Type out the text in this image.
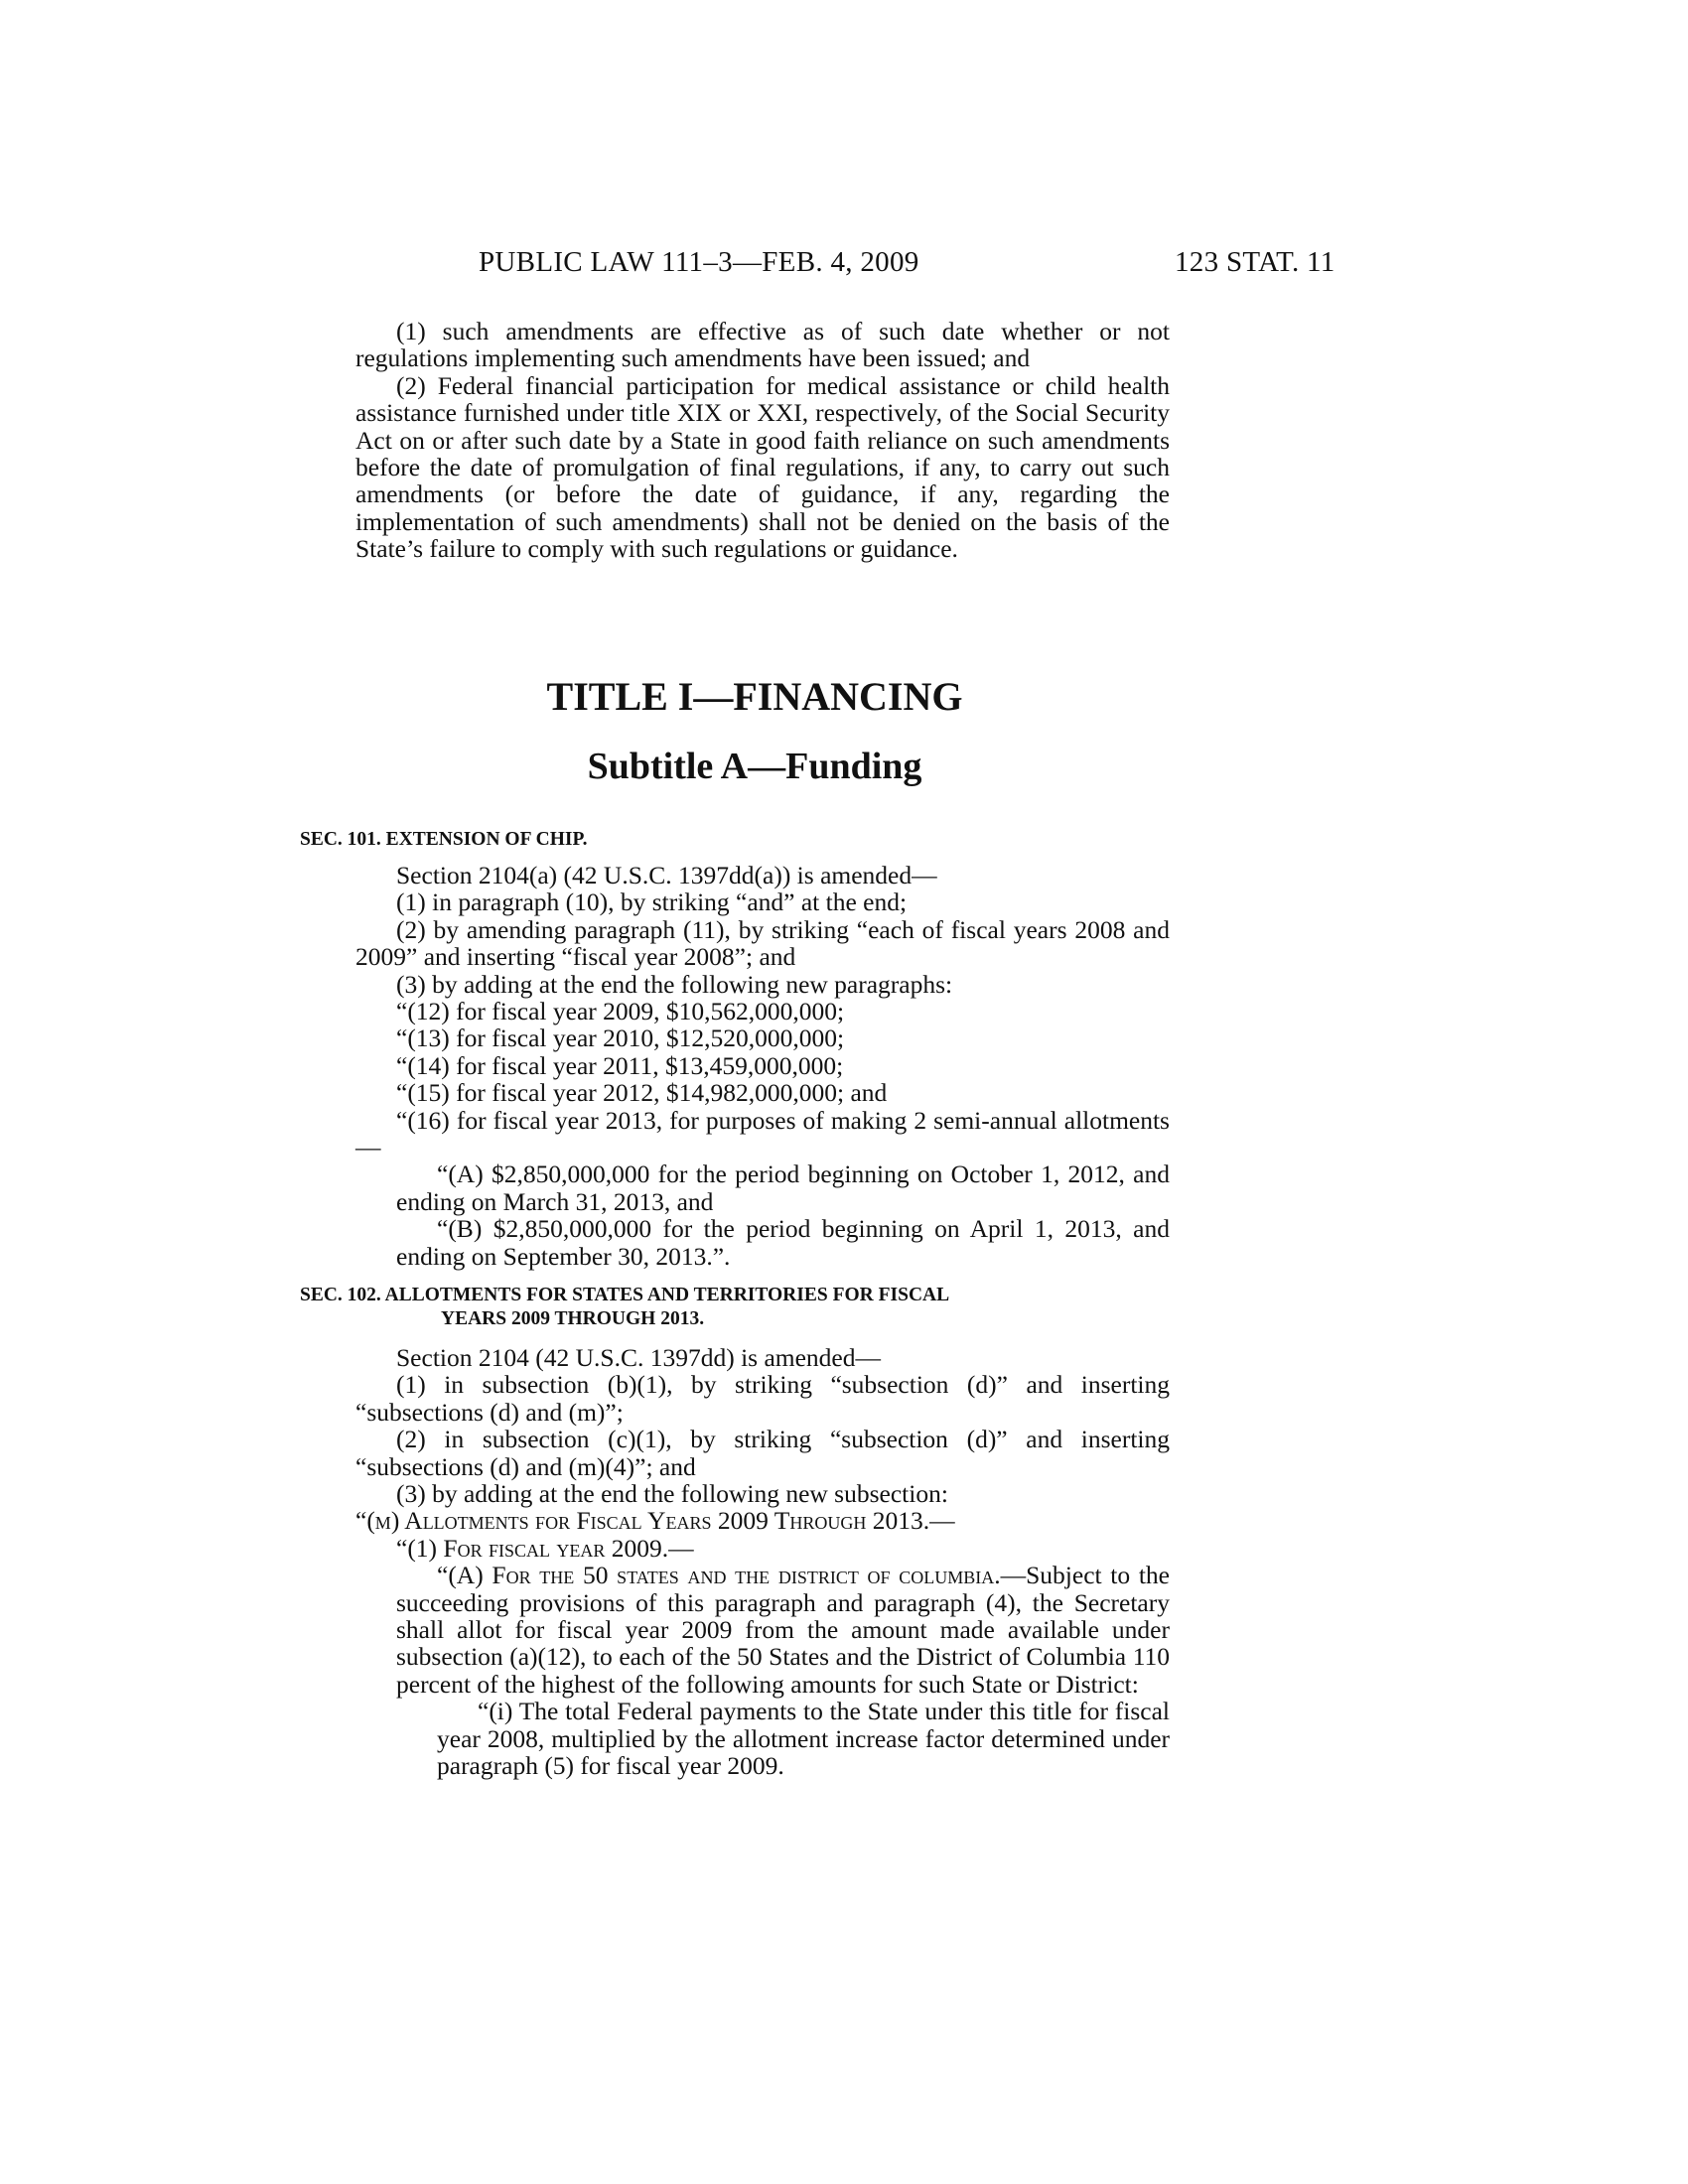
PUBLIC LAW 111–3—FEB. 4, 2009	123 STAT. 11

(1) such amendments are effective as of such date whether or not regulations implementing such amendments have been issued; and

(2) Federal financial participation for medical assistance or child health assistance furnished under title XIX or XXI, respectively, of the Social Security Act on or after such date by a State in good faith reliance on such amendments before the date of promulgation of final regulations, if any, to carry out such amendments (or before the date of guidance, if any, regarding the implementation of such amendments) shall not be denied on the basis of the State’s failure to comply with such regulations or guidance.

TITLE I—FINANCING
Subtitle A—Funding
SEC. 101. EXTENSION OF CHIP.

Section 2104(a) (42 U.S.C. 1397dd(a)) is amended—

(1) in paragraph (10), by striking “and” at the end;

(2) by amending paragraph (11), by striking “each of fiscal years 2008 and 2009” and inserting “fiscal year 2008”; and

(3) by adding at the end the following new paragraphs:

“(12) for fiscal year 2009, $10,562,000,000;

“(13) for fiscal year 2010, $12,520,000,000;

“(14) for fiscal year 2011, $13,459,000,000;

“(15) for fiscal year 2012, $14,982,000,000; and

“(16) for fiscal year 2013, for purposes of making 2 semi-annual allotments—

“(A) $2,850,000,000 for the period beginning on October 1, 2012, and ending on March 31, 2013, and

“(B) $2,850,000,000 for the period beginning on April 1, 2013, and ending on September 30, 2013.”.

SEC. 102. ALLOTMENTS FOR STATES AND TERRITORIES FOR FISCAL
YEARS 2009 THROUGH 2013.

Section 2104 (42 U.S.C. 1397dd) is amended—

(1) in subsection (b)(1), by striking “subsection (d)” and inserting “subsections (d) and (m)”;

(2) in subsection (c)(1), by striking “subsection (d)” and inserting “subsections (d) and (m)(4)”; and

(3) by adding at the end the following new subsection:

“(m) Allotments for Fiscal Years 2009 Through 2013.—

“(1) For fiscal year 2009.—

“(A) For the 50 states and the district of columbia.—Subject to the succeeding provisions of this paragraph and paragraph (4), the Secretary shall allot for fiscal year 2009 from the amount made available under subsection (a)(12), to each of the 50 States and the District of Columbia 110 percent of the highest of the following amounts for such State or District:

“(i) The total Federal payments to the State under this title for fiscal year 2008, multiplied by the allotment increase factor determined under paragraph (5) for fiscal year 2009.
